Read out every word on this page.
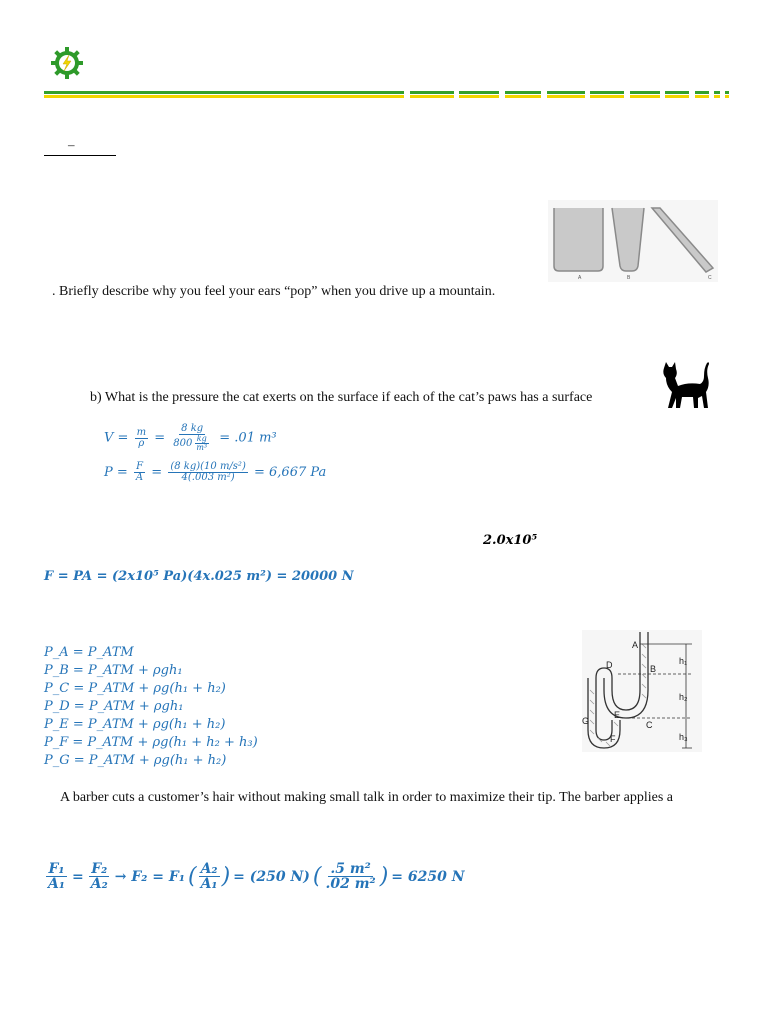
–
A	B	C
. Briefly describe why you feel your ears “pop” when you drive up a mountain.
b) What is the pressure the cat exerts on the surface if each of the cat’s paws has a surface
$V = \frac{m}{\rho} = \frac{8 kg}{800 \frac{kg}{\text{m³}}} = .01$ m³
$P = \frac{F}{A} = \frac{\text{(8 kg)(10 m/s²)}}{\text{4(.003 m²)}} = 6,667$ Pa
2.0x10⁵
F = PA = (2x10⁵ Pa)(4x.025 m²) = 20000 N
P_A = P_ATM
P_B = P_ATM + ρgh₁
P_C = P_ATM + ρg(h₁ + h₂)
P_D = P_ATM + ρgh₁
P_E = P_ATM + ρg(h₁ + h₂)
P_F = P_ATM + ρg(h₁ + h₂ + h₃)
P_G = P_ATM + ρg(h₁ + h₂)
A
B
C
D
E
F
G
h₁
h₂
h₃
A barber cuts a customer’s hair without making small talk in order to maximize their tip. The barber applies a
$\frac{\text{F₁}}{\text{A₁}} = \frac{\text{F₂}}{\text{A₂}} \to F_2 = F_1$ ( $\frac{\text{A₂}}{\text{A₁}}$ ) = (250 N) ( $\frac{\text{.5 m²}}{\text{.02 m²}}$ ) = 6250 N
